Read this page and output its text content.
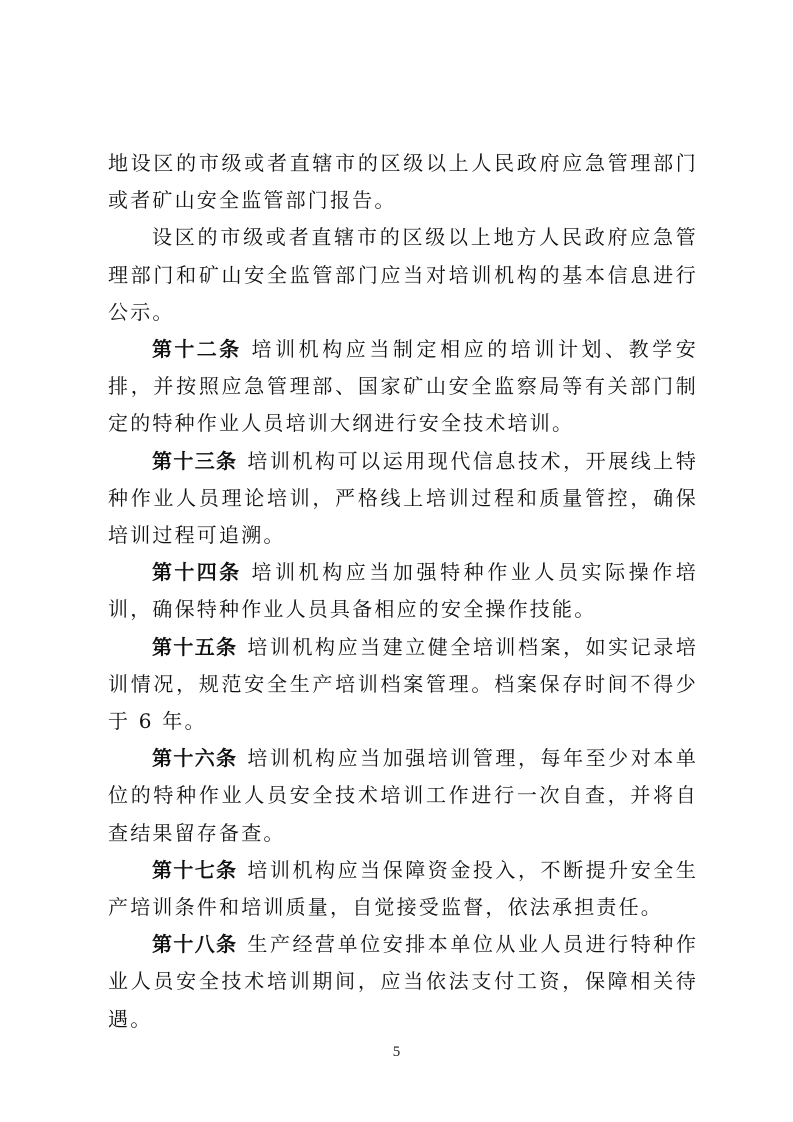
地设区的市级或者直辖市的区级以上人民政府应急管理部门或者矿山安全监管部门报告。

设区的市级或者直辖市的区级以上地方人民政府应急管理部门和矿山安全监管部门应当对培训机构的基本信息进行公示。

第十二条 培训机构应当制定相应的培训计划、教学安排，并按照应急管理部、国家矿山安全监察局等有关部门制定的特种作业人员培训大纲进行安全技术培训。

第十三条 培训机构可以运用现代信息技术，开展线上特种作业人员理论培训，严格线上培训过程和质量管控，确保培训过程可追溯。

第十四条 培训机构应当加强特种作业人员实际操作培训，确保特种作业人员具备相应的安全操作技能。

第十五条 培训机构应当建立健全培训档案，如实记录培训情况，规范安全生产培训档案管理。档案保存时间不得少于 6 年。

第十六条 培训机构应当加强培训管理，每年至少对本单位的特种作业人员安全技术培训工作进行一次自查，并将自查结果留存备查。

第十七条 培训机构应当保障资金投入，不断提升安全生产培训条件和培训质量，自觉接受监督，依法承担责任。

第十八条 生产经营单位安排本单位从业人员进行特种作业人员安全技术培训期间，应当依法支付工资，保障相关待遇。

5
